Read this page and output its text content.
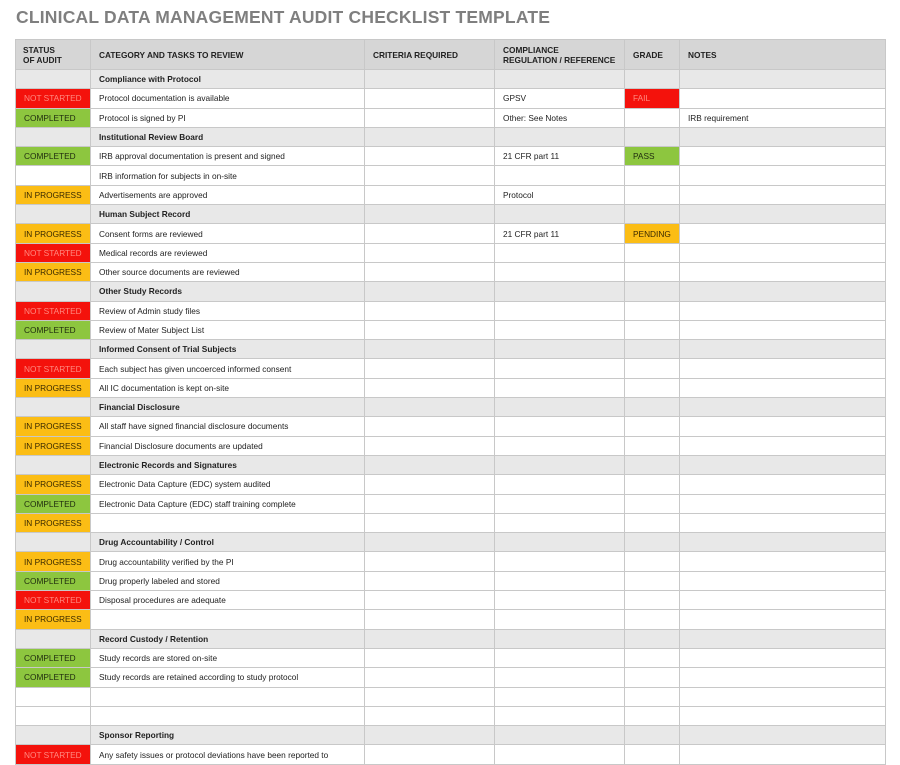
CLINICAL DATA MANAGEMENT AUDIT CHECKLIST TEMPLATE
STATUS
OF AUDIT	CATEGORY AND TASKS TO REVIEW	CRITERIA REQUIRED	COMPLIANCE
REGULATION / REFERENCE	GRADE	NOTES
	Compliance with Protocol				
NOT STARTED	Protocol documentation is available		GPSV	FAIL	
COMPLETED	Protocol is signed by PI		Other: See Notes		IRB requirement
	Institutional Review Board				
COMPLETED	IRB approval documentation is present and signed		21 CFR part 11	PASS	
	IRB information for subjects in on-site				
IN PROGRESS	Advertisements are approved		Protocol		
	Human Subject Record				
IN PROGRESS	Consent forms are reviewed		21 CFR part 11	PENDING	
NOT STARTED	Medical records are reviewed				
IN PROGRESS	Other source documents are reviewed				
	Other Study Records				
NOT STARTED	Review of Admin study files				
COMPLETED	Review of Mater Subject List				
	Informed Consent of Trial Subjects				
NOT STARTED	Each subject has given uncoerced informed consent				
IN PROGRESS	All IC documentation is kept on-site				
	Financial Disclosure				
IN PROGRESS	All staff have signed financial disclosure documents				
IN PROGRESS	Financial Disclosure documents are updated				
	Electronic Records and Signatures				
IN PROGRESS	Electronic Data Capture (EDC) system audited				
COMPLETED	Electronic Data Capture (EDC) staff training complete				
IN PROGRESS					
	Drug Accountability / Control				
IN PROGRESS	Drug accountability verified by the PI				
COMPLETED	Drug properly labeled and stored				
NOT STARTED	Disposal procedures are adequate				
IN PROGRESS					
	Record Custody / Retention				
COMPLETED	Study records are stored on-site				
COMPLETED	Study records are retained according to study protocol				

	Sponsor Reporting				
NOT STARTED	Any safety issues or protocol deviations have been reported to				
